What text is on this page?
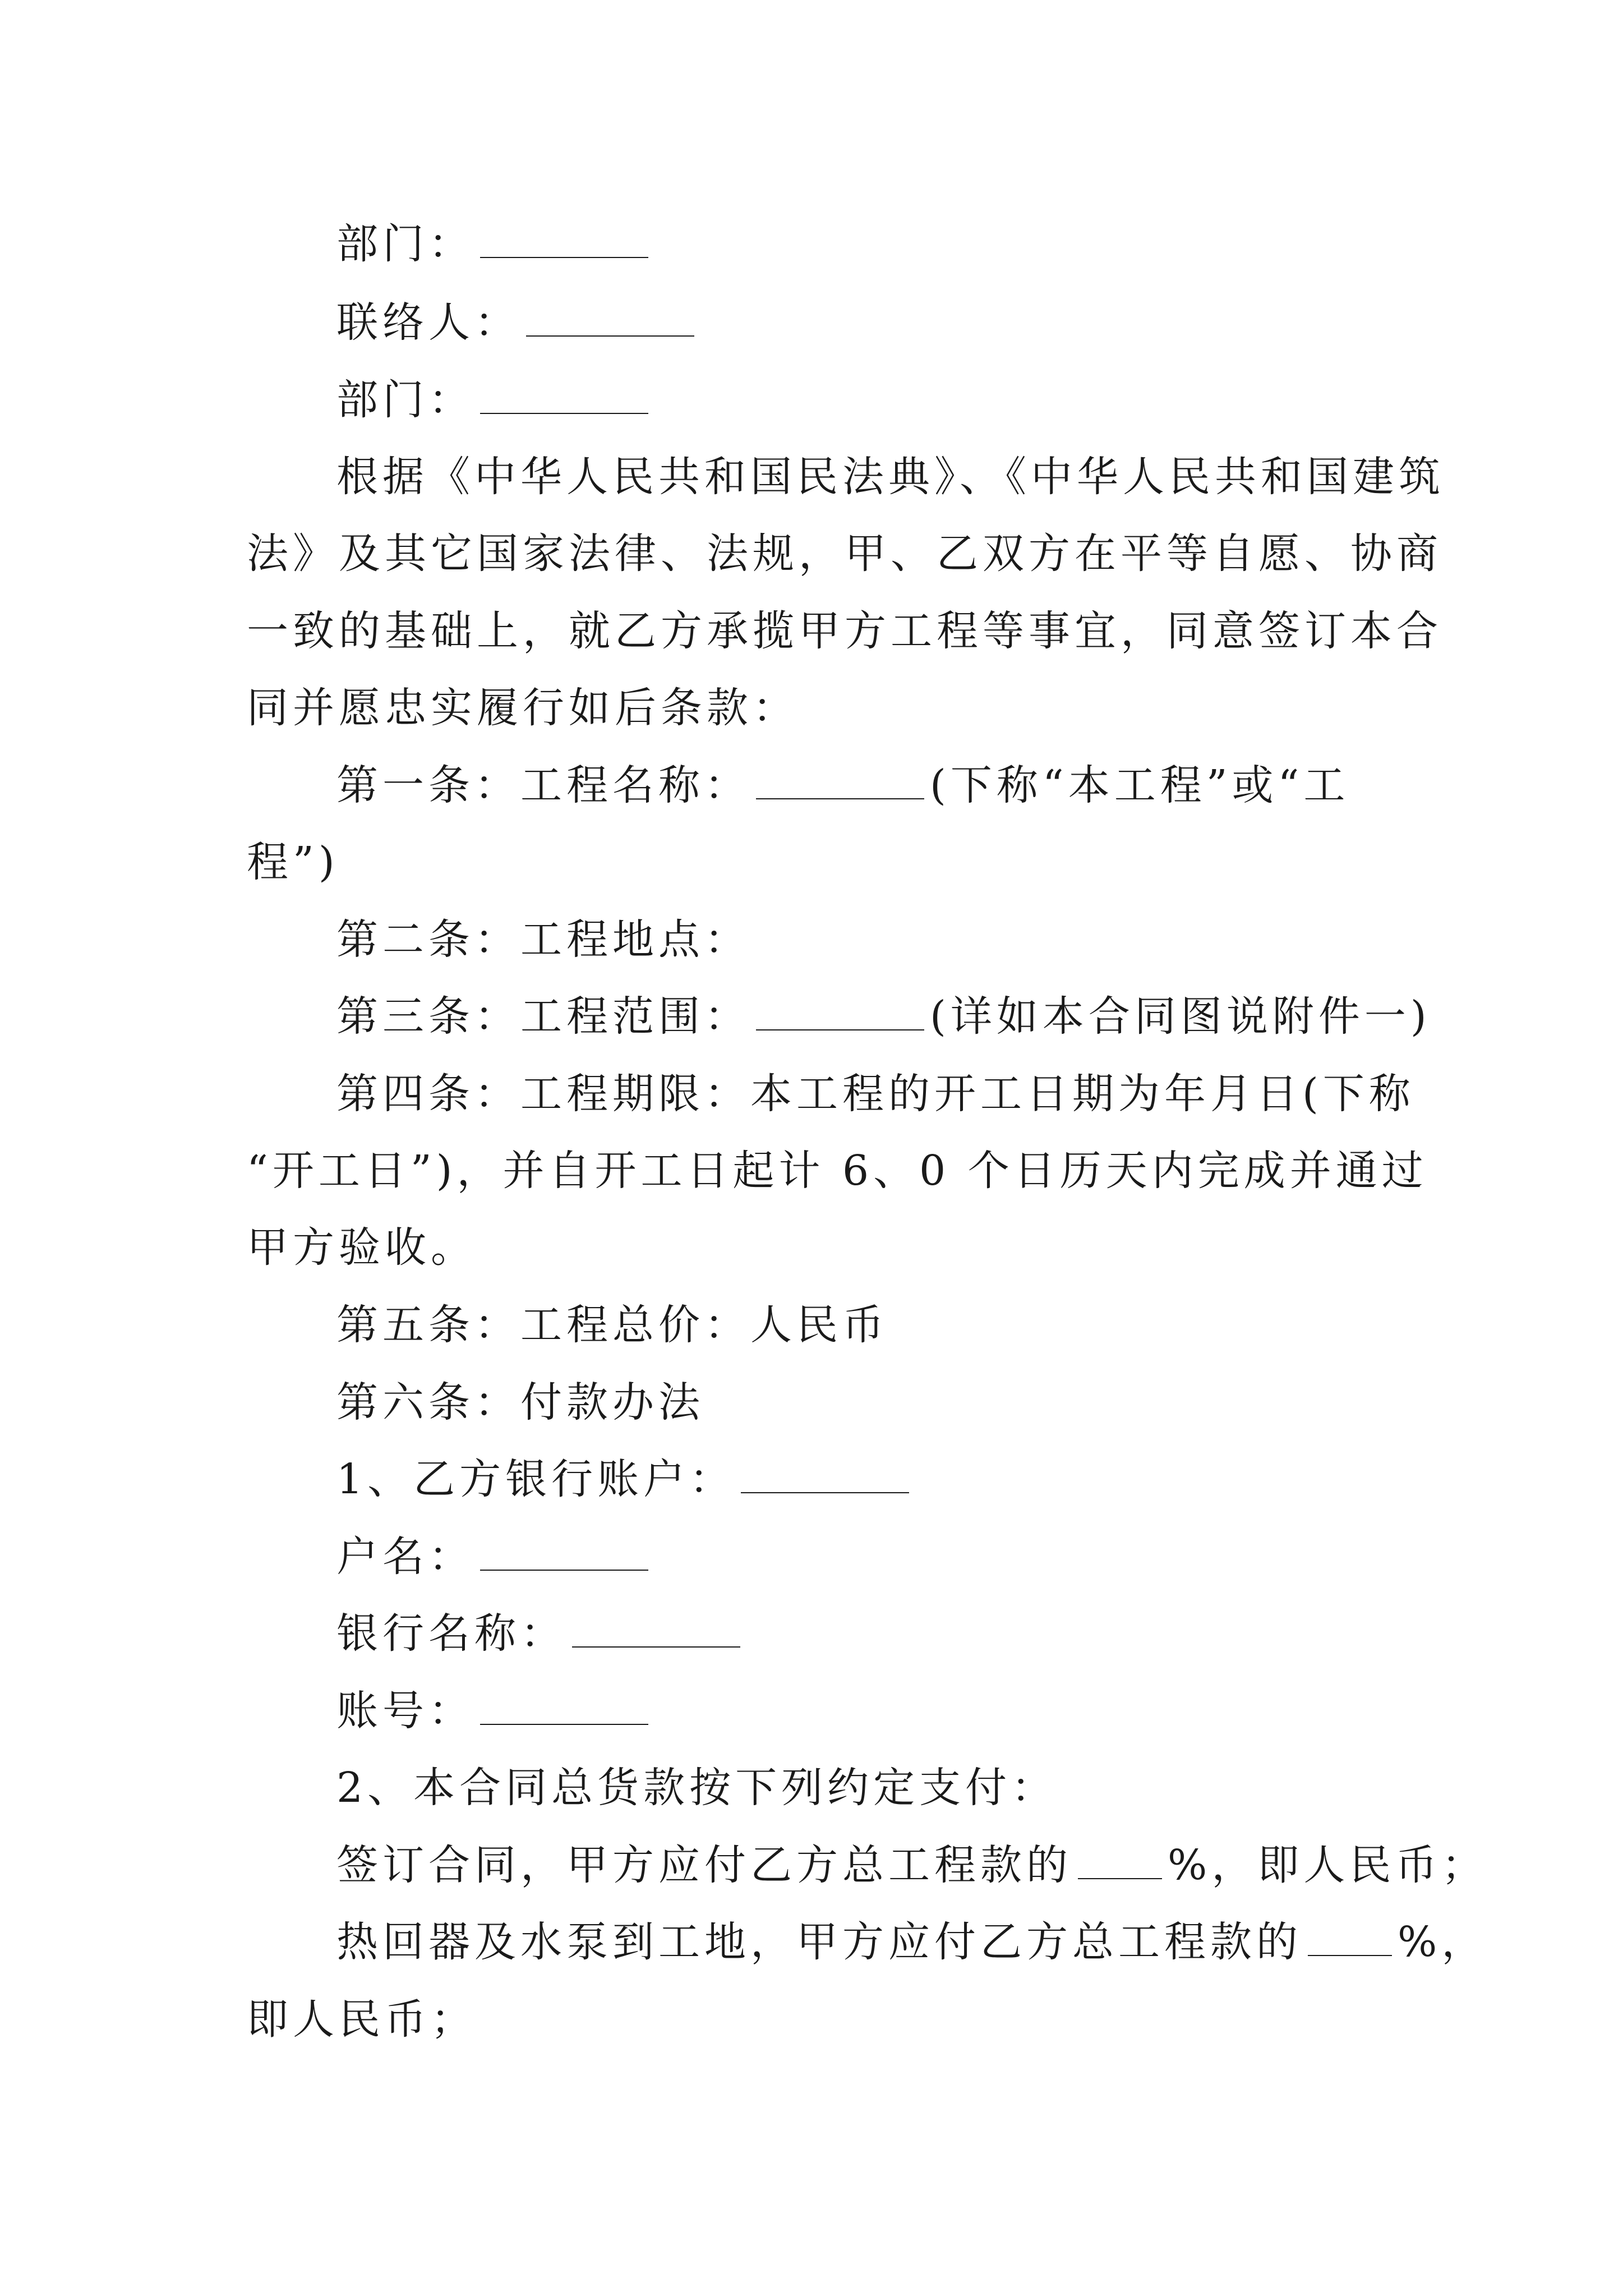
部门：
联络人：
部门：
根据《中华人民共和国民法典》、《中华人民共和国建筑
法》及其它国家法律、法规，甲、乙双方在平等自愿、协商
一致的基础上，就乙方承揽甲方工程等事宜，同意签订本合
同并愿忠实履行如后条款：
第一条：工程名称：	(下称“本工程”或“工
程”)
第二条：工程地点：
第三条：工程范围：	(详如本合同图说附件一)
第四条：工程期限：本工程的开工日期为年月日(下称
“开工日”)，并自开工日起计 6、0 个日历天内完成并通过
甲方验收。
第五条：工程总价：人民币
第六条：付款办法
1、乙方银行账户：
户名：
银行名称：
账号：
2、本合同总货款按下列约定支付：
签订合同，甲方应付乙方总工程款的 %，即人民币；
热回器及水泵到工地，甲方应付乙方总工程款的 %，
即人民币；
